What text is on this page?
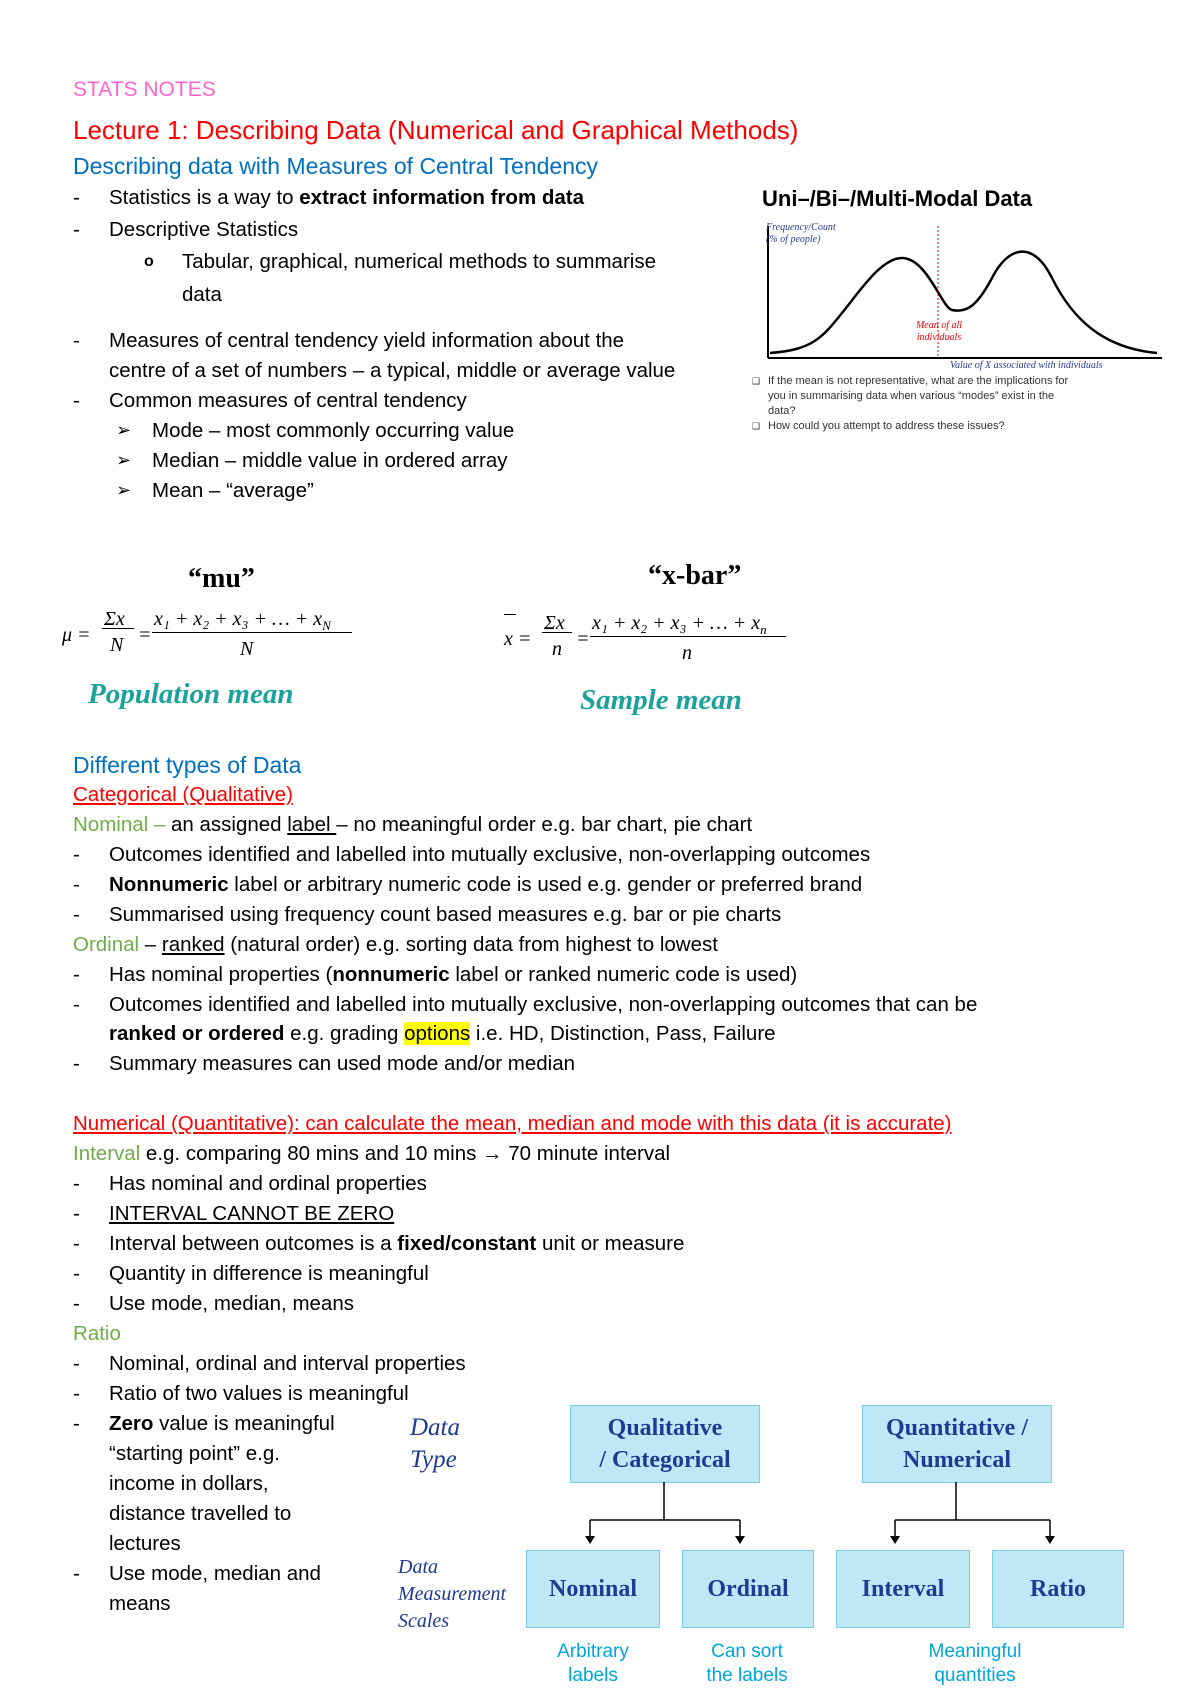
STATS NOTES
Lecture 1: Describing Data (Numerical and Graphical Methods)
Describing data with Measures of Central Tendency
- Statistics is a way to extract information from data
- Descriptive Statistics
o Tabular, graphical, numerical methods to summarise
data
- Measures of central tendency yield information about the
centre of a set of numbers – a typical, middle or average value
- Common measures of central tendency
➢ Mode – most commonly occurring value
➢ Median – middle value in ordered array
➢ Mean – “average”
Uni–/Bi–/Multi-Modal Data
Frequency/Count
(% of people)
Mean of all
individuals
Value of X associated with individuals
❑ If the mean is not representative, what are the implications for
you in summarising data when various “modes” exist in the
data?
❑ How could you attempt to address these issues?
“mu”
μ =
Σx
N =
x₁ + x₂ + x₃ + … + $x_N$
N
Population mean
“x-bar”
x =
Σx
n =
x₁ + x₂ + x₃ + … + $x_n$
n
Sample mean
Different types of Data
Categorical (Qualitative)
Nominal – an assigned label – no meaningful order e.g. bar chart, pie chart
- Outcomes identified and labelled into mutually exclusive, non-overlapping outcomes
- Nonnumeric label or arbitrary numeric code is used e.g. gender or preferred brand
- Summarised using frequency count based measures e.g. bar or pie charts
Ordinal – ranked (natural order) e.g. sorting data from highest to lowest
- Has nominal properties (nonnumeric label or ranked numeric code is used)
- Outcomes identified and labelled into mutually exclusive, non-overlapping outcomes that can be
ranked or ordered e.g. grading options i.e. HD, Distinction, Pass, Failure
- Summary measures can used mode and/or median
Numerical (Quantitative): can calculate the mean, median and mode with this data (it is accurate)
Interval e.g. comparing 80 mins and 10 mins → 70 minute interval
- Has nominal and ordinal properties
- INTERVAL CANNOT BE ZERO
- Interval between outcomes is a fixed/constant unit or measure
- Quantity in difference is meaningful
- Use mode, median, means
Ratio
- Nominal, ordinal and interval properties
- Ratio of two values is meaningful
- Zero value is meaningful
“starting point” e.g.
income in dollars,
distance travelled to
lectures
- Use mode, median and
means
Data
Type
Qualitative
/ Categorical
Quantitative /
Numerical
Data
Measurement
Scales
Nominal	Ordinal	Interval	Ratio
Arbitrary
labels
Can sort
the labels
Meaningful
quantities
